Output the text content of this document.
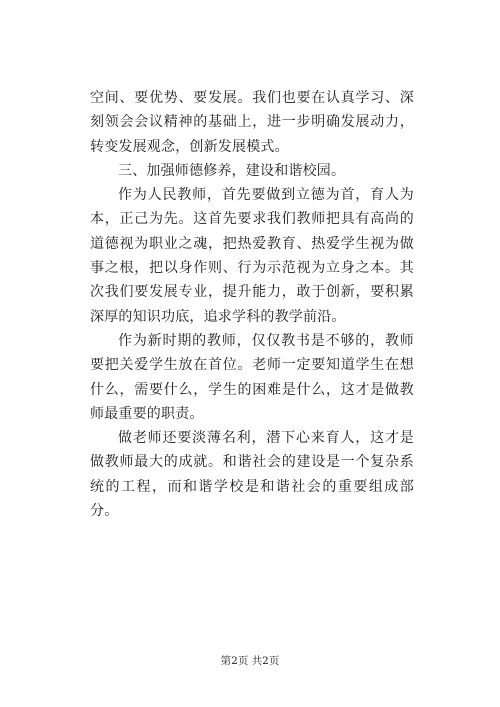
空间、要优势、要发展。我们也要在认真学习、深刻领会会议精神的基础上，进一步明确发展动力，转变发展观念，创新发展模式。

三、加强师德修养，建设和谐校园。

作为人民教师，首先要做到立德为首，育人为本，正己为先。这首先要求我们教师把具有高尚的道德视为职业之魂，把热爱教育、热爱学生视为做事之根，把以身作则、行为示范视为立身之本。其次我们要发展专业，提升能力，敢于创新，要积累深厚的知识功底，追求学科的教学前沿。

作为新时期的教师，仅仅教书是不够的，教师要把关爱学生放在首位。老师一定要知道学生在想什么，需要什么，学生的困难是什么，这才是做教师最重要的职责。

做老师还要淡薄名利，潜下心来育人，这才是做教师最大的成就。和谐社会的建设是一个复杂系统的工程，而和谐学校是和谐社会的重要组成部分。

第2页 共2页
